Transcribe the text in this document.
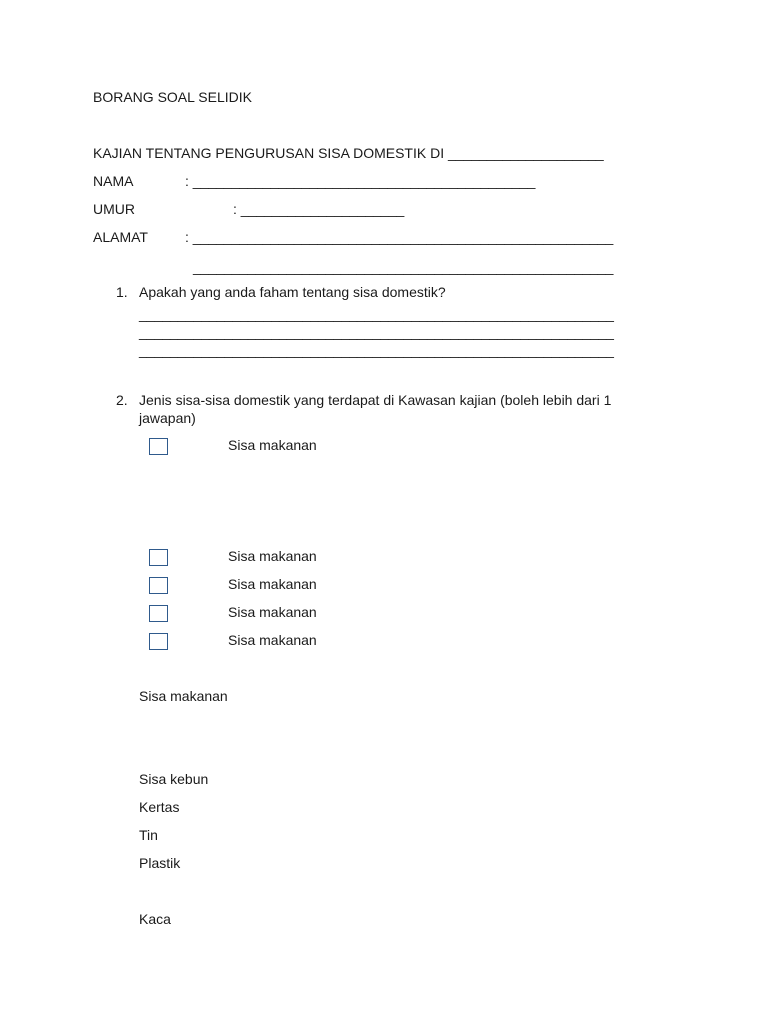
BORANG SOAL SELIDIK
KAJIAN TENTANG PENGURUSAN SISA DOMESTIK DI ____________________
NAMA	: ____________________________________________
UMUR	: _____________________
ALAMAT	: ______________________________________________________
______________________________________________________
1. Apakah yang anda faham tentang sisa domestik?
_____________________________________________________________
_____________________________________________________________
_____________________________________________________________
2. Jenis sisa-sisa domestik yang terdapat di Kawasan kajian (boleh lebih dari 1
jawapan)
Sisa makanan
Sisa makanan
Sisa makanan
Sisa makanan
Sisa makanan
Sisa makanan
Sisa kebun
Kertas
Tin
Plastik
Kaca
